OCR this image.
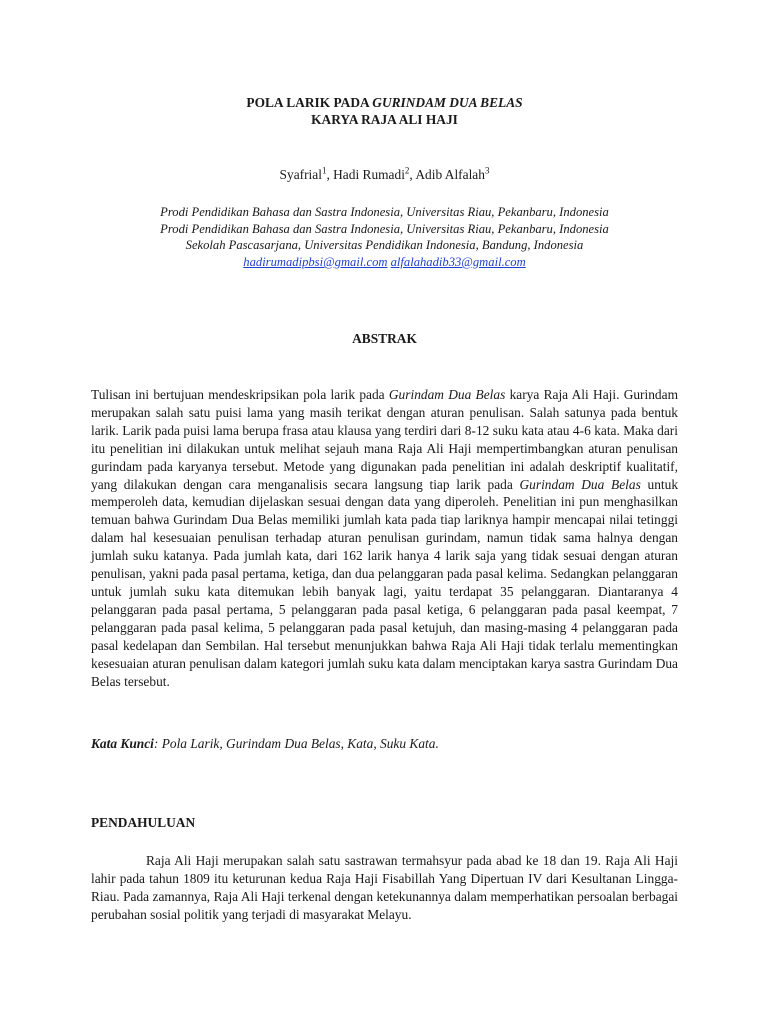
POLA LARIK PADA GURINDAM DUA BELAS
KARYA RAJA ALI HAJI
Syafrial$^1$, Hadi Rumadi$^2$, Adib Alfalah$^3$
Prodi Pendidikan Bahasa dan Sastra Indonesia, Universitas Riau, Pekanbaru, Indonesia
Prodi Pendidikan Bahasa dan Sastra Indonesia, Universitas Riau, Pekanbaru, Indonesia
Sekolah Pascasarjana, Universitas Pendidikan Indonesia, Bandung, Indonesia
hadirumadipbsi@gmail.com alfalahadib33@gmail.com
ABSTRAK

Tulisan ini bertujuan mendeskripsikan pola larik pada Gurindam Dua Belas karya Raja Ali Haji. Gurindam merupakan salah satu puisi lama yang masih terikat dengan aturan penulisan. Salah satunya pada bentuk larik. Larik pada puisi lama berupa frasa atau klausa yang terdiri dari 8-12 suku kata atau 4-6 kata. Maka dari itu penelitian ini dilakukan untuk melihat sejauh mana Raja Ali Haji mempertimbangkan aturan penulisan gurindam pada karyanya tersebut. Metode yang digunakan pada penelitian ini adalah deskriptif kualitatif, yang dilakukan dengan cara menganalisis secara langsung tiap larik pada Gurindam Dua Belas untuk memperoleh data, kemudian dijelaskan sesuai dengan data yang diperoleh. Penelitian ini pun menghasilkan temuan bahwa Gurindam Dua Belas memiliki jumlah kata pada tiap lariknya hampir mencapai nilai tetinggi dalam hal kesesuaian penulisan terhadap aturan penulisan gurindam, namun tidak sama halnya dengan jumlah suku katanya. Pada jumlah kata, dari 162 larik hanya 4 larik saja yang tidak sesuai dengan aturan penulisan, yakni pada pasal pertama, ketiga, dan dua pelanggaran pada pasal kelima. Sedangkan pelanggaran untuk jumlah suku kata ditemukan lebih banyak lagi, yaitu terdapat 35 pelanggaran. Diantaranya 4 pelanggaran pada pasal pertama, 5 pelanggaran pada pasal ketiga, 6 pelanggaran pada pasal keempat, 7 pelanggaran pada pasal kelima, 5 pelanggaran pada pasal ketujuh, dan masing-masing 4 pelanggaran pada pasal kedelapan dan Sembilan. Hal tersebut menunjukkan bahwa Raja Ali Haji tidak terlalu mementingkan kesesuaian aturan penulisan dalam kategori jumlah suku kata dalam menciptakan karya sastra Gurindam Dua Belas tersebut.

Kata Kunci: Pola Larik, Gurindam Dua Belas, Kata, Suku Kata.
PENDAHULUAN

Raja Ali Haji merupakan salah satu sastrawan termahsyur pada abad ke 18 dan 19. Raja Ali Haji lahir pada tahun 1809 itu keturunan kedua Raja Haji Fisabillah Yang Dipertuan IV dari Kesultanan Lingga-Riau. Pada zamannya, Raja Ali Haji terkenal dengan ketekunannya dalam memperhatikan persoalan berbagai perubahan sosial politik yang terjadi di masyarakat Melayu.
